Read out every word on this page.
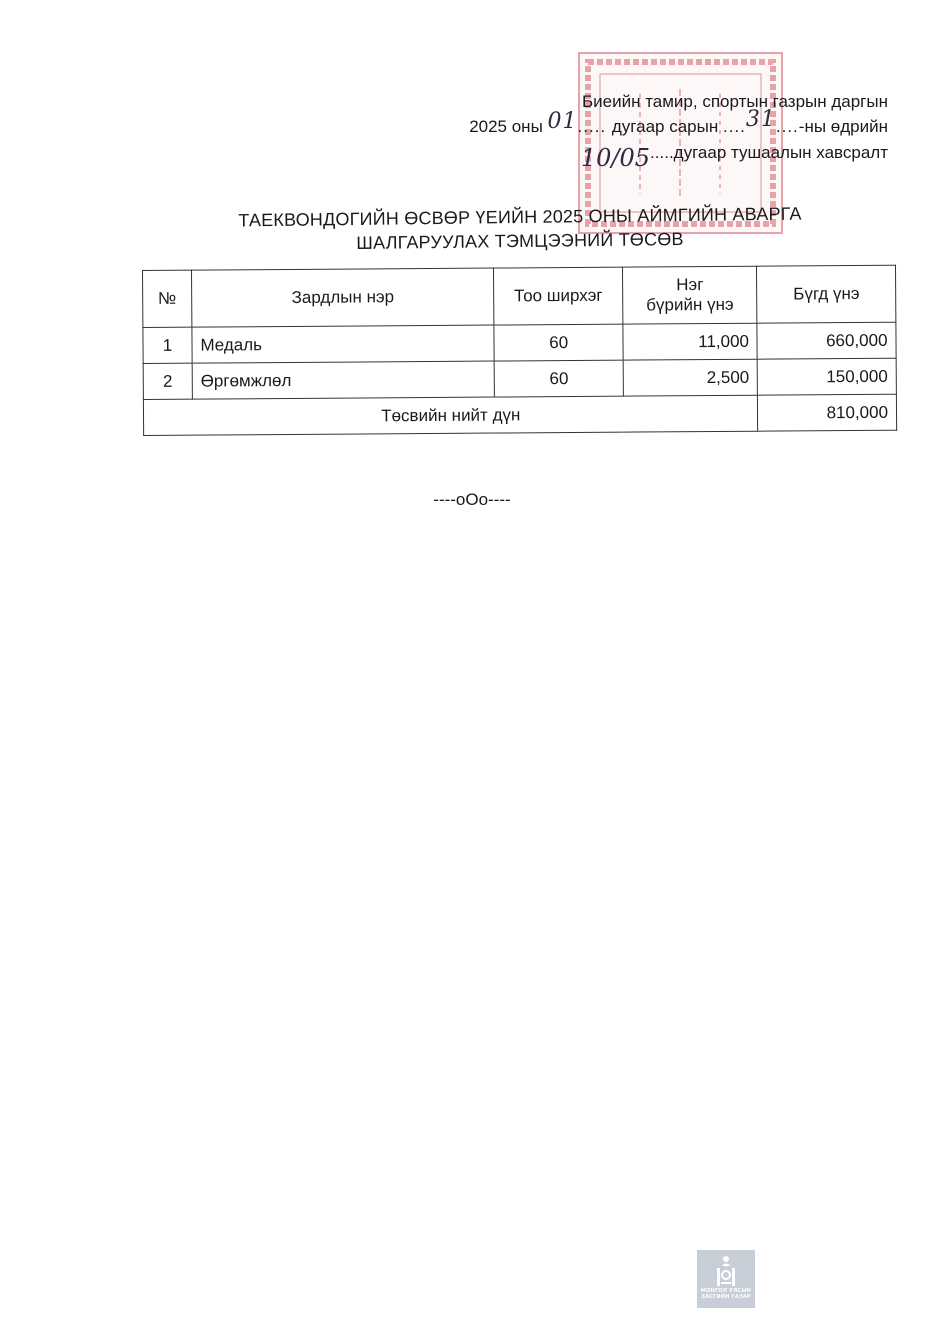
Биеийн тамир, спортын газрын даргын
2025 оны 01..... дугаар сарын ....31....-ны өдрийн
10/05.....дугаар тушаалын хавсралт
ТАЕКВОНДОГИЙН ӨСВӨР ҮЕИЙН 2025 ОНЫ АЙМГИЙН АВАРГА
ШАЛГАРУУЛАХ ТЭМЦЭЭНИЙ ТӨСӨВ
№	Зардлын нэр	Тоо ширхэг	Нэг
бүрийн үнэ	Бүгд үнэ
1	Медаль	60	11,000	660,000
2	Өргөмжлөл	60	2,500	150,000
Төсвийн нийт дүн				810,000
----oOo----
МОНГОЛ УЛСЫН
ЗАСГИЙН ГАЗАР
